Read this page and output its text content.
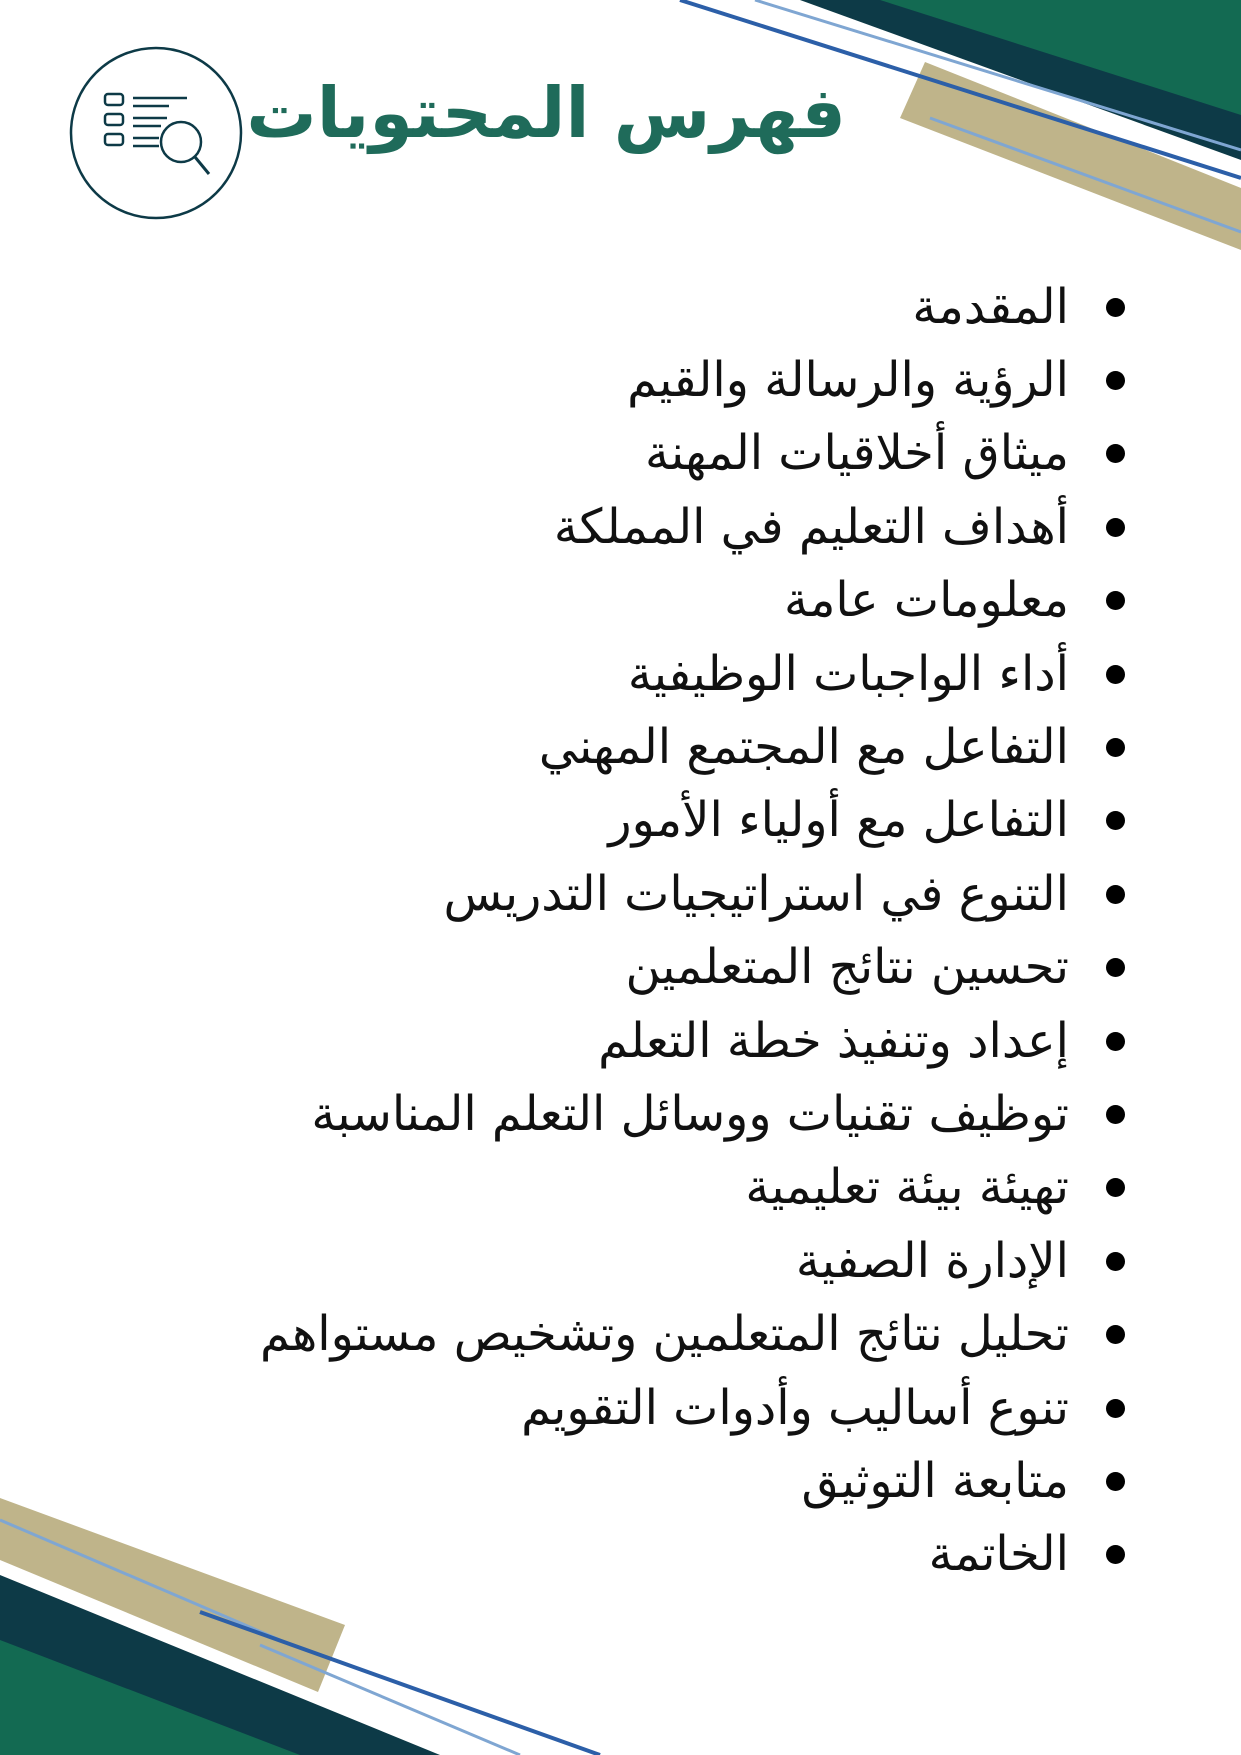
فهرس المحتويات
المقدمة
الرؤية والرسالة والقيم
ميثاق أخلاقيات المهنة
أهداف التعليم في المملكة
معلومات عامة
أداء الواجبات الوظيفية
التفاعل مع المجتمع المهني
التفاعل مع أولياء الأمور
التنوع في استراتيجيات التدريس
تحسين نتائج المتعلمين
إعداد وتنفيذ خطة التعلم
توظيف تقنيات ووسائل التعلم المناسبة
تهيئة بيئة تعليمية
الإدارة الصفية
تحليل نتائج المتعلمين وتشخيص مستواهم
تنوع أساليب وأدوات التقويم
متابعة التوثيق
الخاتمة
